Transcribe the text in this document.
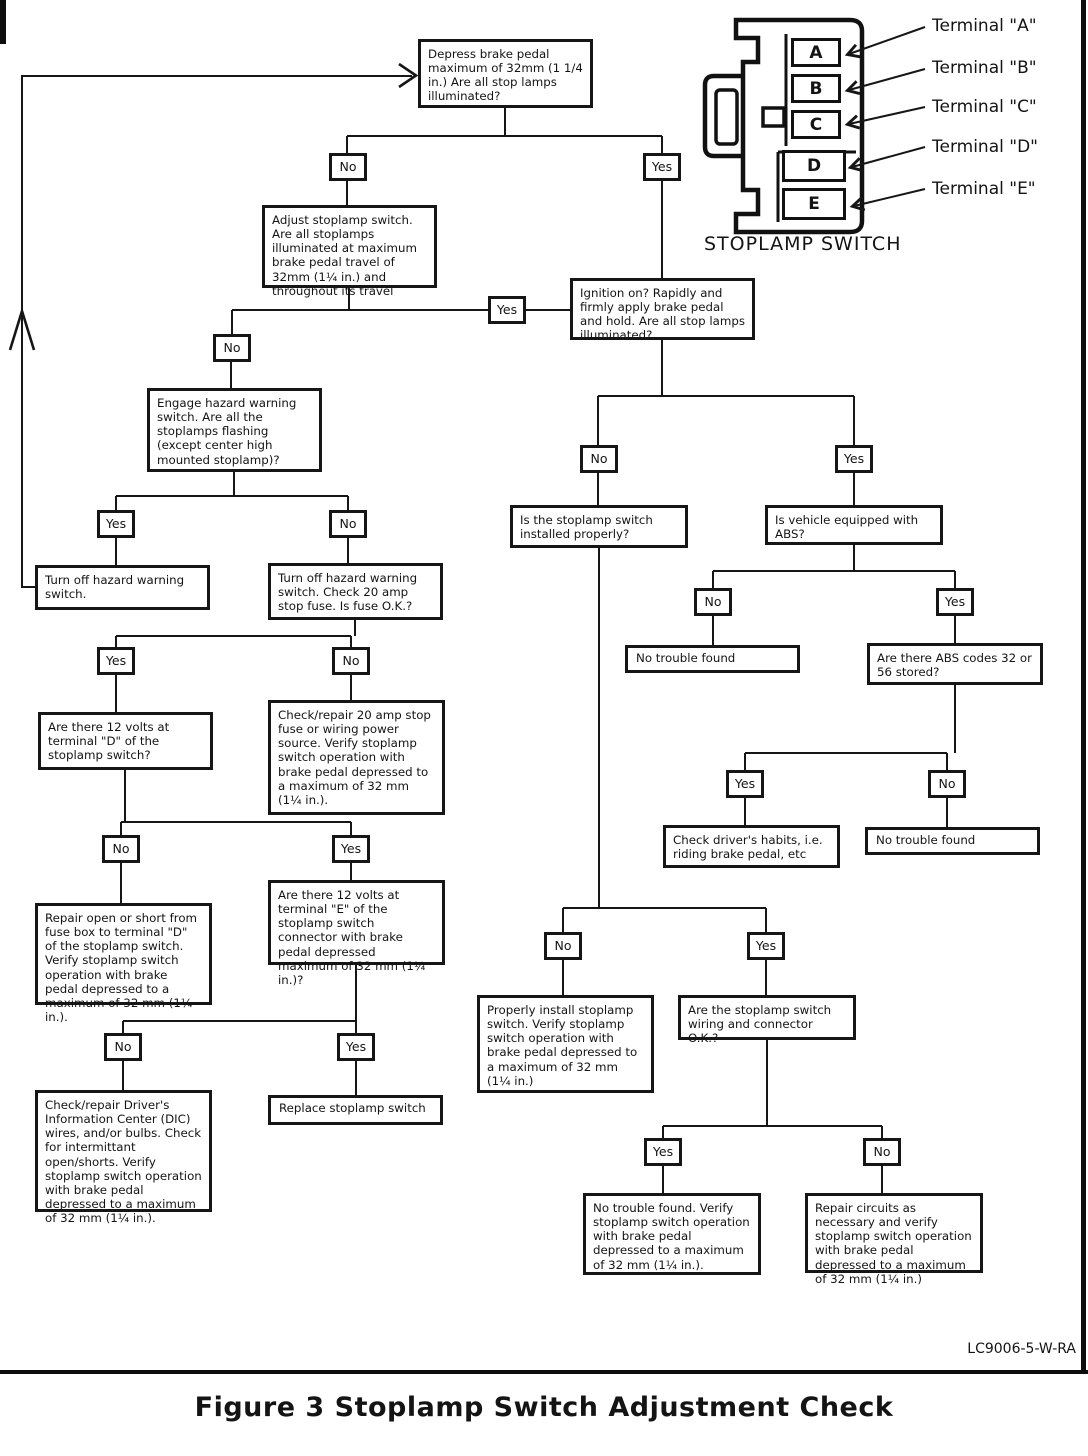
Depress brake pedal maximum of 32mm (1 1/4 in.) Are all stop lamps illuminated?
Adjust stoplamp switch. Are all stoplamps illuminated at maximum brake pedal travel of 32mm (1¼ in.) and throughout its travel	Ignition on? Rapidly and firmly apply brake pedal and hold. Are all stop lamps illuminated?
Engage hazard warning switch. Are all the stoplamps flashing (except center high mounted stoplamp)?
Turn off hazard warning switch.
Turn off hazard warning switch. Check 20 amp stop fuse. Is fuse O.K.?
Are there 12 volts at terminal "D" of the stoplamp switch?
Check/repair 20 amp stop fuse or wiring power source. Verify stoplamp switch operation with brake pedal depressed to a maximum of 32 mm (1¼ in.).
Repair open or short from fuse box to terminal "D" of the stoplamp switch. Verify stoplamp switch operation with brake pedal depressed to a maximum of 32 mm (1¼ in.).
Are there 12 volts at terminal "E" of the stoplamp switch connector with brake pedal depressed maximum of 32 mm (1¼ in.)?
Check/repair Driver's Information Center (DIC) wires, and/or bulbs. Check for intermittant open/shorts. Verify stoplamp switch operation with brake pedal depressed to a maximum of 32 mm (1¼ in.).
Replace stoplamp switch
Is the stoplamp switch installed properly?
Is vehicle equipped with ABS?
No trouble found	Are there ABS codes 32 or 56 stored?
Check driver's habits, i.e. riding brake pedal, etc
No trouble found
Properly install stoplamp switch. Verify stoplamp switch operation with brake pedal depressed to a maximum of 32 mm (1¼ in.)
Are the stoplamp switch wiring and connector O.K.?
No trouble found. Verify stoplamp switch operation with brake pedal depressed to a maximum of 32 mm (1¼ in.).
Repair circuits as necessary and verify stoplamp switch operation with brake pedal depressed to a maximum of 32 mm (1¼ in.)
No	Yes
Yes
No
Yes	No
Yes	No
No	Yes
No	Yes
No	Yes
No	Yes
Yes	No
No	Yes
Yes	No
A
B
C
D
E
Terminal "A"
Terminal "B"
Terminal "C"
Terminal "D"
Terminal "E"
STOPLAMP SWITCH
LC9006-5-W-RA
Figure 3 Stoplamp Switch Adjustment Check
